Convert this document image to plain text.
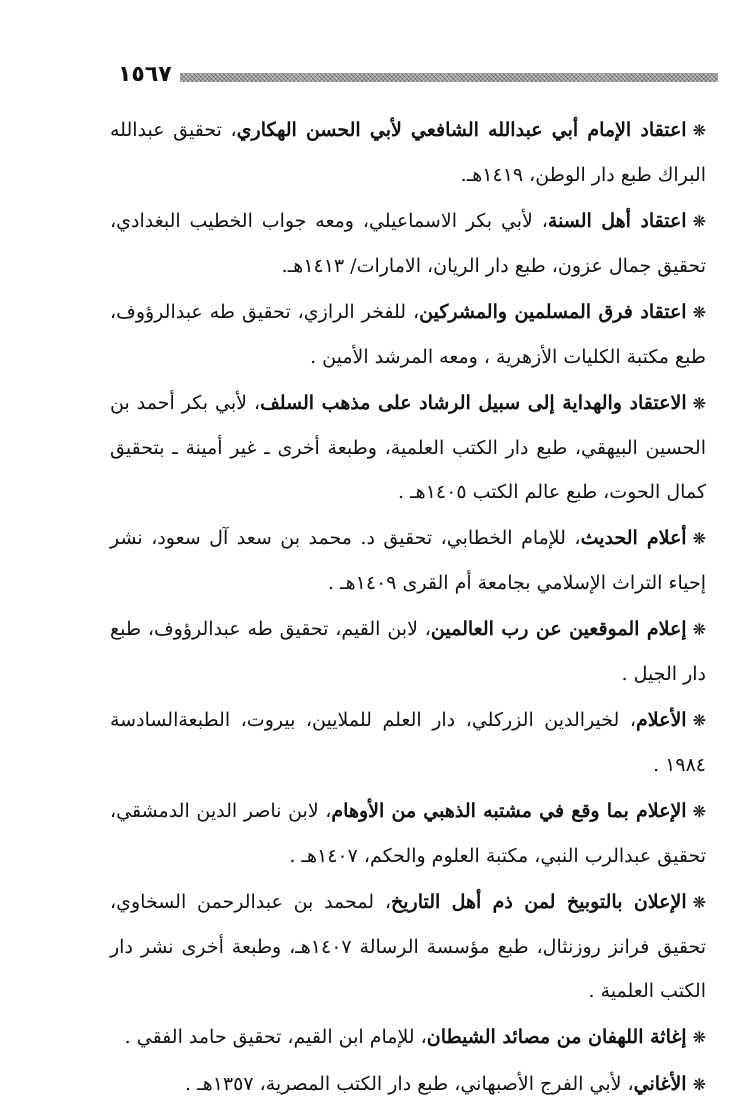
١٥٦٧

❋اعتقاد الإمام أبي عبدالله الشافعي لأبي الحسن الهكاري، تحقيق عبدالله البراك طبع دار الوطن، ١٤١٩هـ.

❋اعتقاد أهل السنة، لأبي بكر الاسماعيلي، ومعه جواب الخطيب البغدادي، تحقيق جمال عزون، طبع دار الريان، الامارات/ ١٤١٣هـ.

❋اعتقاد فرق المسلمين والمشركين، للفخر الرازي، تحقيق طه عبدالرؤوف، طبع مكتبة الكليات الأزهرية ، ومعه المرشد الأمين .

❋الاعتقاد والهداية إلى سبيل الرشاد على مذهب السلف، لأبي بكر أحمد بن الحسين البيهقي، طبع دار الكتب العلمية، وطبعة أخرى ـ غير أمينة ـ بتحقيق كمال الحوت، طبع عالم الكتب ١٤٠٥هـ .

❋أعلام الحديث، للإمام الخطابي، تحقيق د. محمد بن سعد آل سعود، نشر إحياء التراث الإسلامي بجامعة أم القرى ١٤٠٩هـ .

❋إعلام الموقعين عن رب العالمين، لابن القيم، تحقيق طه عبدالرؤوف، طبع دار الجيل .

❋الأعلام، لخيرالدين الزركلي، دار العلم للملايين، بيروت، الطبعةالسادسة ١٩٨٤ .

❋الإعلام بما وقع في مشتبه الذهبي من الأوهام، لابن ناصر الدين الدمشقي، تحقيق عبدالرب النبي، مكتبة العلوم والحكم، ١٤٠٧هـ .

❋الإعلان بالتوبيخ لمن ذم أهل التاريخ، لمحمد بن عبدالرحمن السخاوي، تحقيق فرانز روزنثال، طبع مؤسسة الرسالة ١٤٠٧هـ، وطبعة أخرى نشر دار الكتب العلمية .

❋إغاثة اللهفان من مصائد الشيطان، للإمام ابن القيم، تحقيق حامد الفقي .

❋الأغاني، لأبي الفرج الأصبهاني، طبع دار الكتب المصرية، ١٣٥٧هـ .
